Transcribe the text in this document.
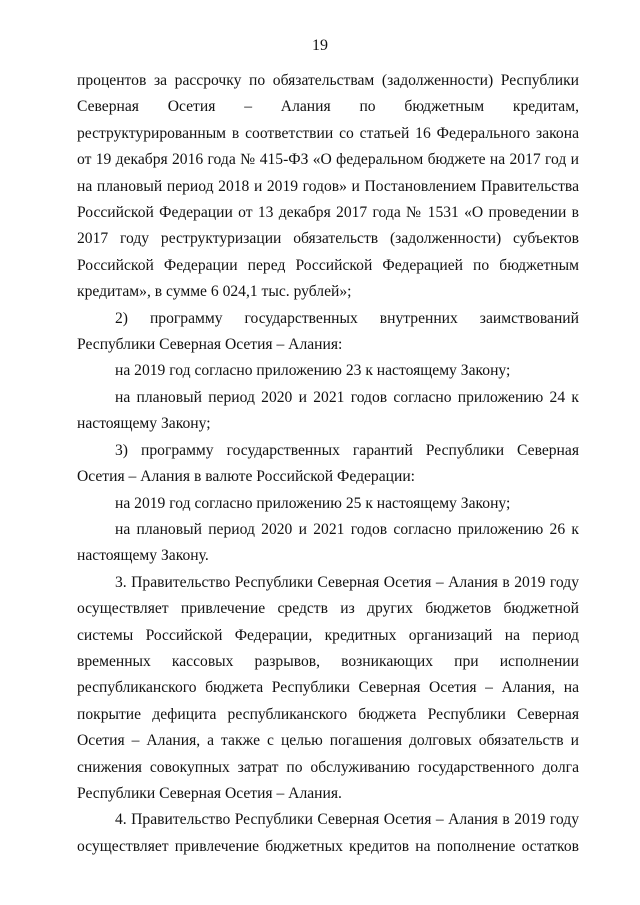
19

процентов за рассрочку по обязательствам (задолженности) Республики Северная Осетия – Алания по бюджетным кредитам, реструктурированным в соответствии со статьей 16 Федерального закона от 19 декабря 2016 года № 415-ФЗ «О федеральном бюджете на 2017 год и на плановый период 2018 и 2019 годов» и Постановлением Правительства Российской Федерации от 13 декабря 2017 года № 1531 «О проведении в 2017 году реструктуризации обязательств (задолженности) субъектов Российской Федерации перед Российской Федерацией по бюджетным кредитам», в сумме 6 024,1 тыс. рублей»;

2) программу государственных внутренних заимствований Республики Северная Осетия – Алания:

на 2019 год согласно приложению 23 к настоящему Закону;

на плановый период 2020 и 2021 годов согласно приложению 24 к настоящему Закону;

3) программу государственных гарантий Республики Северная Осетия – Алания в валюте Российской Федерации:

на 2019 год согласно приложению 25 к настоящему Закону;

на плановый период 2020 и 2021 годов согласно приложению 26 к настоящему Закону.

3. Правительство Республики Северная Осетия – Алания в 2019 году осуществляет привлечение средств из других бюджетов бюджетной системы Российской Федерации, кредитных организаций на период временных кассовых разрывов, возникающих при исполнении республиканского бюджета Республики Северная Осетия – Алания, на покрытие дефицита республиканского бюджета Республики Северная Осетия – Алания, а также с целью погашения долговых обязательств и снижения совокупных затрат по обслуживанию государственного долга Республики Северная Осетия – Алания.

4. Правительство Республики Северная Осетия – Алания в 2019 году осуществляет привлечение бюджетных кредитов на пополнение остатков
